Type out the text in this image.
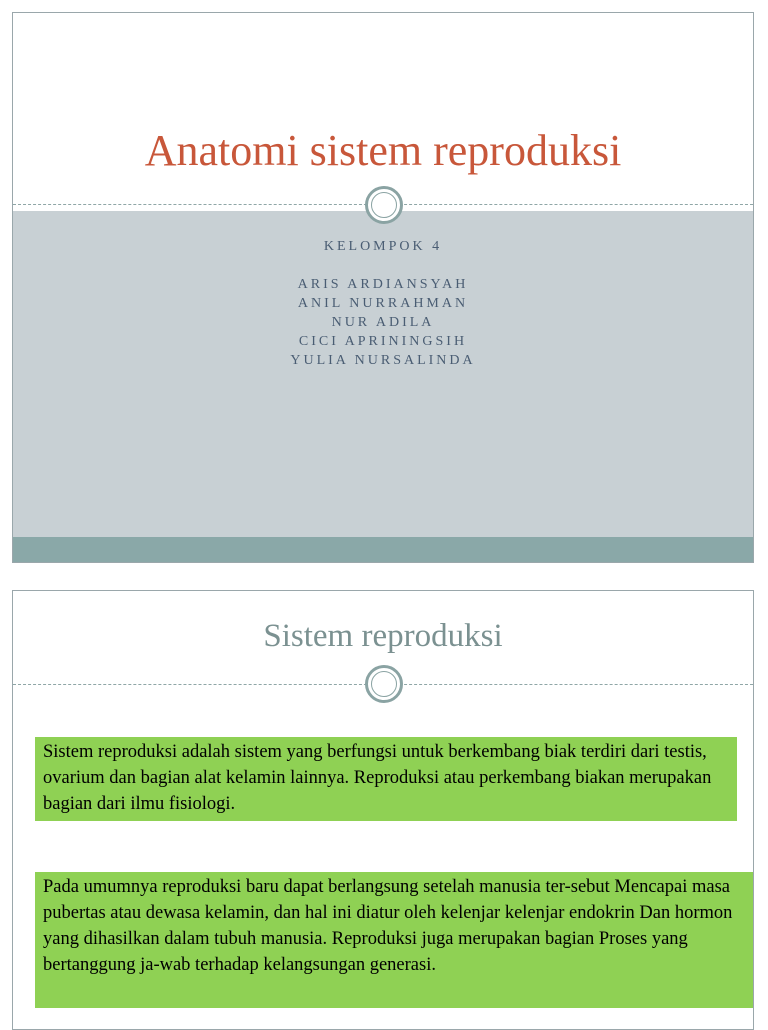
Anatomi sistem reproduksi
KELOMPOK 4
ARIS ARDIANSYAH
ANIL NURRAHMAN
NUR ADILA
CICI APRININGSIH
YULIA NURSALINDA
Sistem reproduksi
Sistem reproduksi adalah sistem yang berfungsi untuk berkembang biak terdiri dari testis, ovarium dan bagian alat kelamin lainnya. Reproduksi atau perkembang biakan merupakan bagian dari ilmu fisiologi.
Pada umumnya reproduksi baru dapat berlangsung setelah manusia ter-sebut Mencapai masa pubertas atau dewasa kelamin, dan hal ini diatur oleh kelenjar kelenjar endokrin Dan hormon yang dihasilkan dalam tubuh manusia. Reproduksi juga merupakan bagian Proses yang bertanggung ja-wab terhadap kelangsungan generasi.
